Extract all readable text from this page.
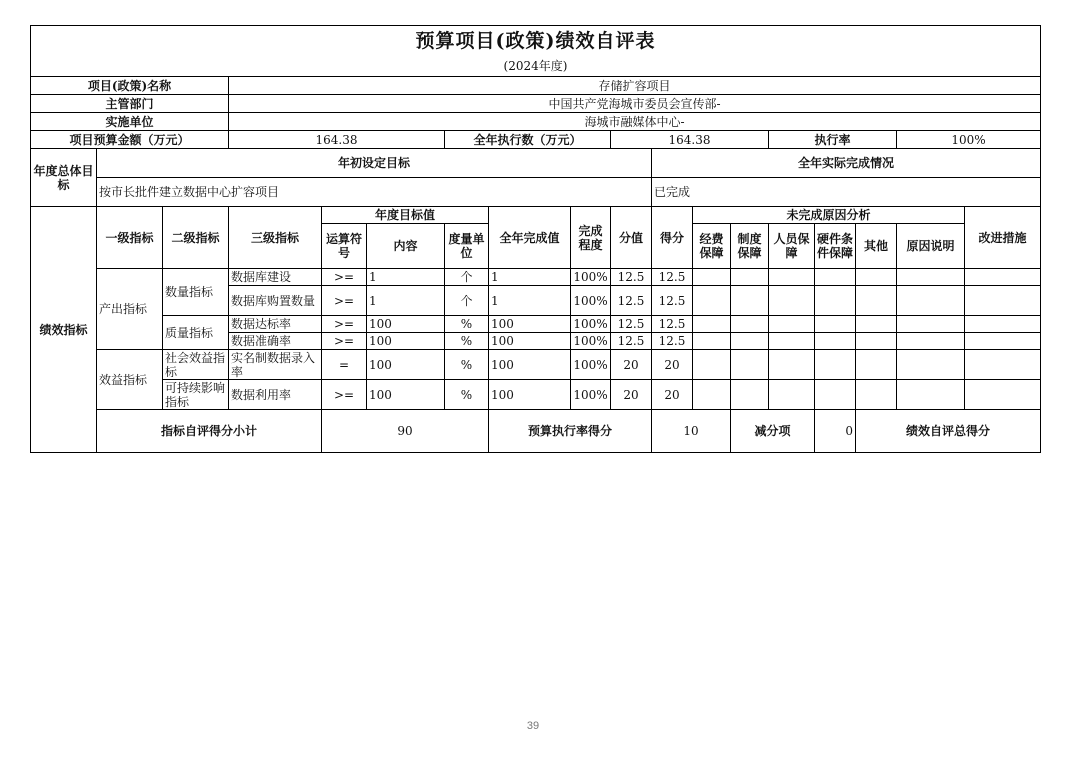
预算项目(政策)绩效自评表																		
(2024年度)																		
项目(政策)名称			存储扩容项目															
主管部门			中国共产党海城市委员会宣传部-															
实施单位			海城市融媒体中心-															
项目预算金额（万元）			164.38			全年执行数（万元）			164.38				执行率			100%		
年度总体目标	年初设定目标									全年实际完成情况								
	按市长批件建立数据中心扩容项目									已完成								
绩效指标	一级指标	二级指标	三级指标	年度目标值			全年完成值	完成程度	分值	得分	未完成原因分析						改进措施	
				运算符号	内容	度量单位					经费保障	制度保障	人员保障	硬件条件保障	其他	原因说明		
	产出指标	数量指标	数据库建设	>=	1	个	1	100%	12.5	12.5								
			数据库购置数量	>=	1	个	1	100%	12.5	12.5								
		质量指标	数据达标率	>=	100	%	100	100%	12.5	12.5								
			数据准确率	>=	100	%	100	100%	12.5	12.5								
	效益指标	社会效益指标	实名制数据录入率	=	100	%	100	100%	20	20								
		可持续影响指标	数据利用率	>=	100	%	100	100%	20	20								
	指标自评得分小计			90			预算执行率得分			10		减分项		0	绩效自评总得分	
39
